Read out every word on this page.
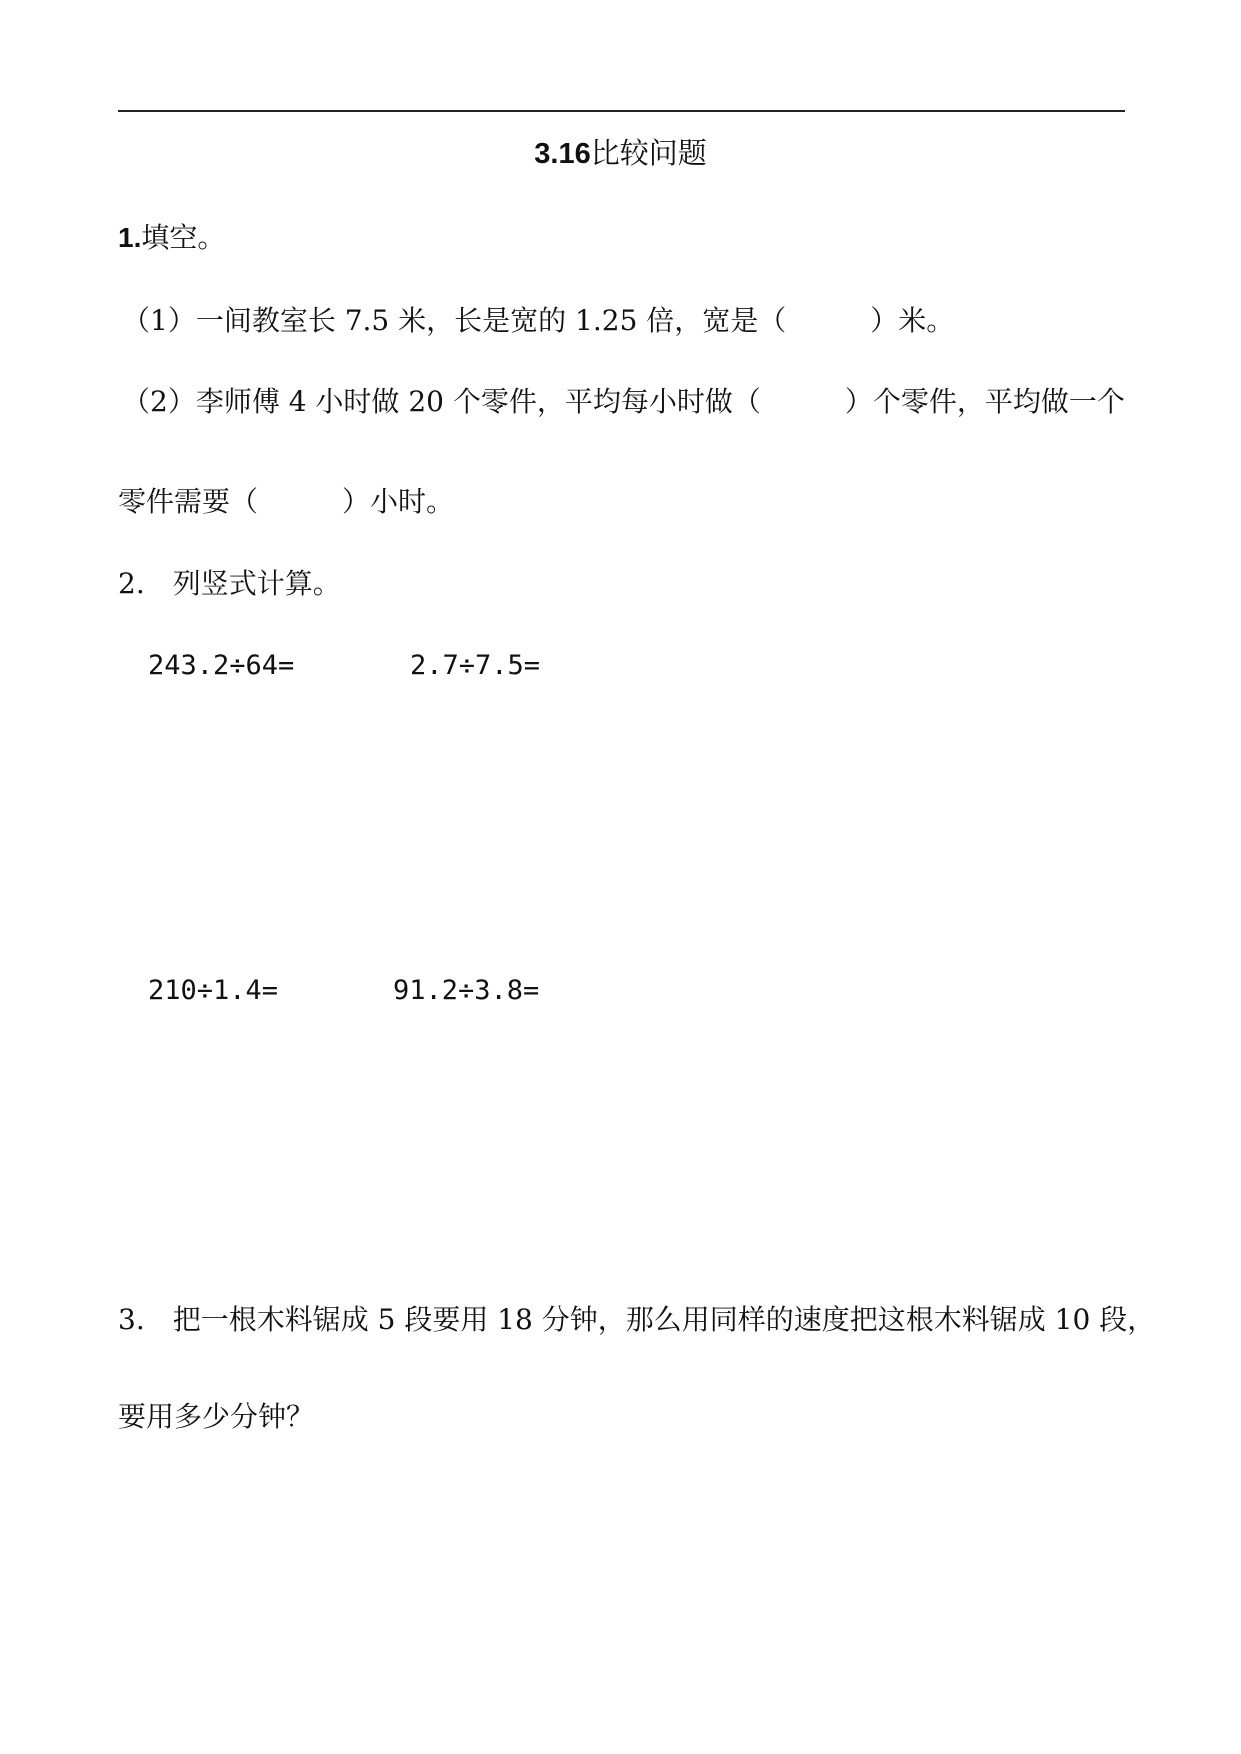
3.16比较问题
1.填空。
（1）一间教室长 7.5 米，长是宽的 1.25 倍，宽是（　　　）米。
（2）李师傅 4 小时做 20 个零件，平均每小时做（　　　）个零件，平均做一个
零件需要（　　　）小时。
2.　列竖式计算。
243.2÷64=	2.7÷7.5=
210÷1.4=	91.2÷3.8=
3.　把一根木料锯成 5 段要用 18 分钟，那么用同样的速度把这根木料锯成 10 段，
要用多少分钟？
